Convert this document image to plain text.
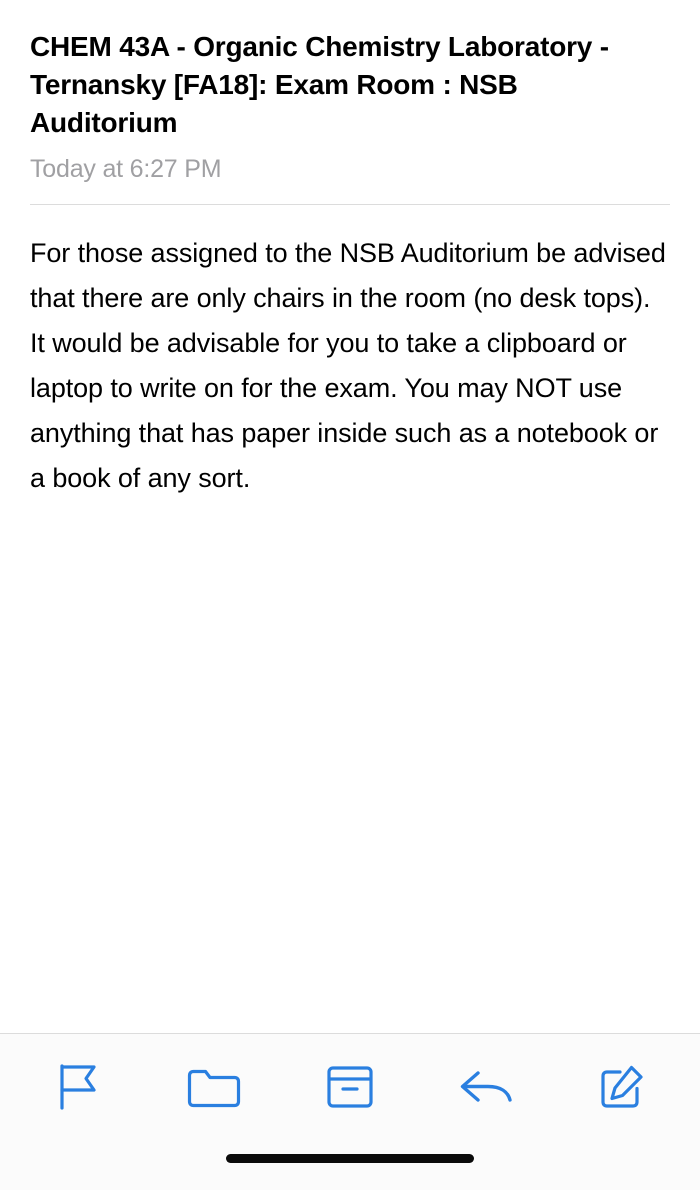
CHEM 43A - Organic Chemistry Laboratory - Ternansky [FA18]: Exam Room : NSB Auditorium
Today at 6:27 PM

For those assigned to the NSB Auditorium be advised that there are only chairs in the room (no desk tops). It would be advisable for you to take a clipboard or laptop to write on for the exam. You may NOT use anything that has paper inside such as a notebook or a book of any sort.
